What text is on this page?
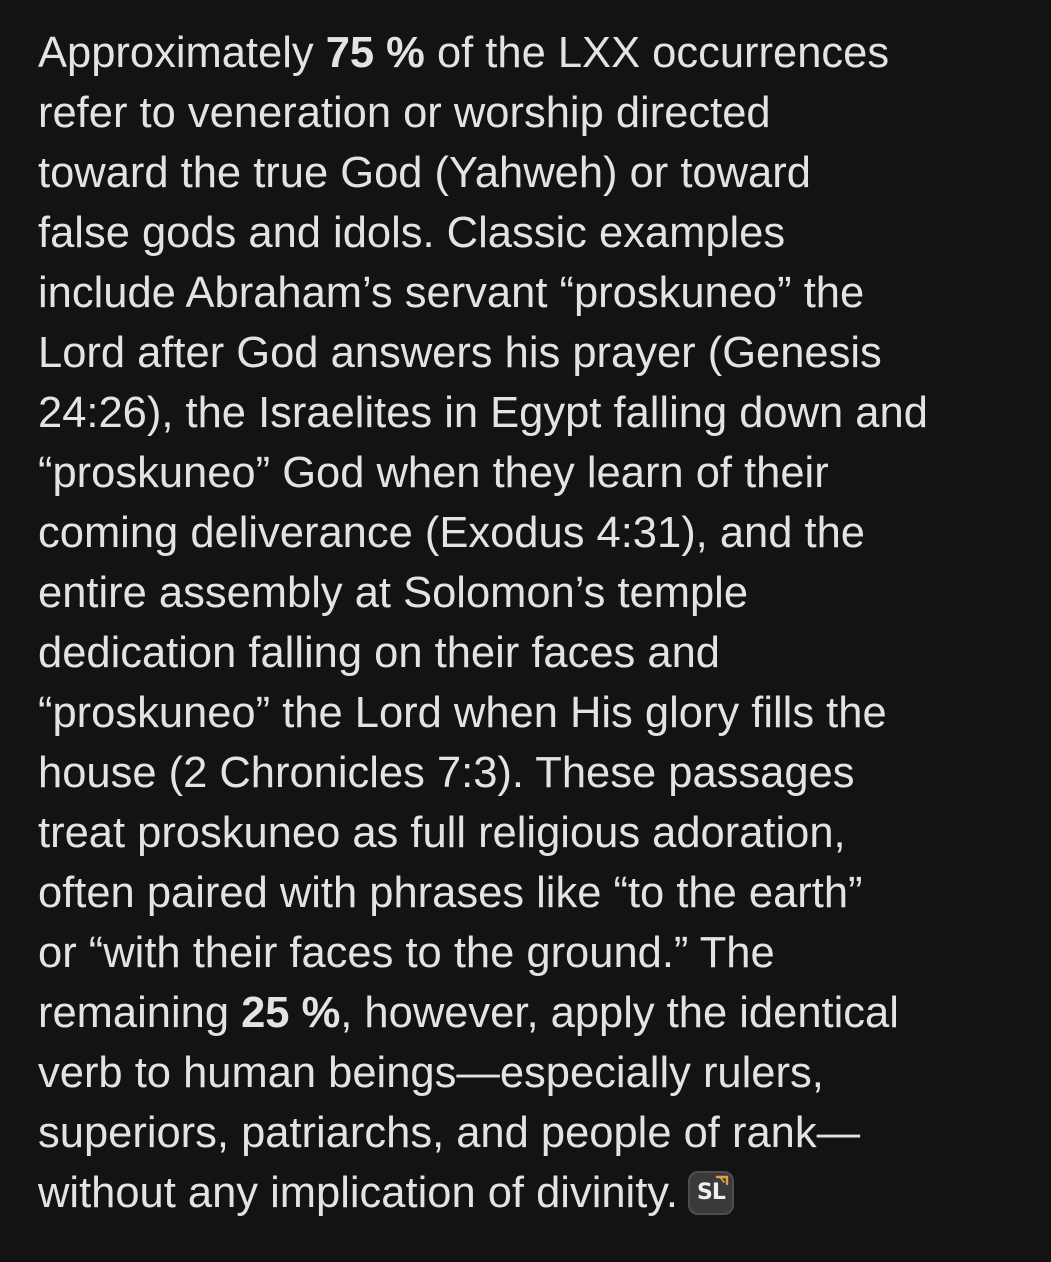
Approximately 75 % of the LXX occurrences
refer to veneration or worship directed
toward the true God (Yahweh) or toward
false gods and idols. Classic examples
include Abraham’s servant “proskuneo” the
Lord after God answers his prayer (Genesis
24:26), the Israelites in Egypt falling down and
“proskuneo” God when they learn of their
coming deliverance (Exodus 4:31), and the
entire assembly at Solomon’s temple
dedication falling on their faces and
“proskuneo” the Lord when His glory fills the
house (2 Chronicles 7:3). These passages
treat proskuneo as full religious adoration,
often paired with phrases like “to the earth”
or “with their faces to the ground.” The
remaining 25 %, however, apply the identical
verb to human beings—especially rulers,
superiors, patriarchs, and people of rank—
without any implication of divinity. SL
